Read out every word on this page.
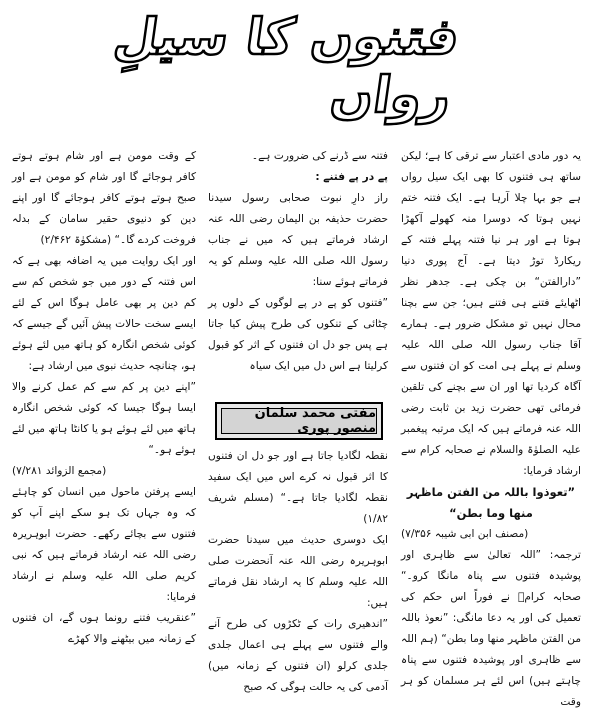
فتنوں کا سیلِ رواں

یہ دور مادی اعتبار سے ترقی کا ہے؛ لیکن ساتھ ہی فتنوں کا بھی ایک سیل رواں ہے جو بہا چلا آرہا ہے۔ ایک فتنہ ختم نہیں ہوتا کہ دوسرا منہ کھولے آکھڑا ہوتا ہے اور ہر نیا فتنہ پہلے فتنہ کے ریکارڈ توڑ دیتا ہے۔ آج پوری دنیا ”دارالفتن“ بن چکی ہے۔ جدھر نظر اٹھایئے فتنے ہی فتنے ہیں؛ جن سے بچنا محال نہیں تو مشکل ضرور ہے۔ ہمارے آقا جناب رسول اللہ صلی اللہ علیہ وسلم نے پہلے ہی امت کو ان فتنوں سے آگاہ کردیا تھا اور ان سے بچنے کی تلقین فرمائی تھی حضرت زید بن ثابت رضی اللہ عنہ فرماتے ہیں کہ ایک مرتبہ پیغمبر علیہ الصلوٰۃ والسلام نے صحابہ کرام سے ارشاد فرمایا:

”تعوذوا باللہ من الفتن ماظہر منھا وما بطن“

(مصنف ابن ابی شیبہ ۷/۳۵۶)

ترجمہ: ”اللہ تعالیٰ سے ظاہری اور پوشیدہ فتنوں سے پناہ مانگا کرو۔“ صحابہ کرامؓ نے فوراً اس حکم کی تعمیل کی اور یہ دعا مانگی: ”نعوذ باللہ من الفتن ماظہر منھا وما بطن“ (ہم اللہ سے ظاہری اور پوشیدہ فتنوں سے پناہ چاہتے ہیں) اس لئے ہر مسلمان کو ہر وقت

فتنہ سے ڈرنے کی ضرورت ہے۔

پے در پے فتنے :

راز دارِ نبوت صحابی رسول سیدنا حضرت حذیفہ بن الیمان رضی اللہ عنہ ارشاد فرماتے ہیں کہ میں نے جناب رسول اللہ صلی اللہ علیہ وسلم کو یہ فرماتے ہوئے سنا:

”فتنوں کو پے در پے لوگوں کے دلوں پر چٹائی کے تنکوں کی طرح پیش کیا جاتا ہے پس جو دل ان فتنوں کے اثر کو قبول کرلیتا ہے اس دل میں ایک سیاہ

مفتی محمد سلمان منصور پوری

نقطہ لگادیا جاتا ہے اور جو دل ان فتنوں کا اثر قبول نہ کرے اس میں ایک سفید نقطہ لگادیا جاتا ہے۔“ (مسلم شریف ۱/۸۲)

ایک دوسری حدیث میں سیدنا حضرت ابوہریرہ رضی اللہ عنہ آنحضرت صلی اللہ علیہ وسلم کا یہ ارشاد نقل فرماتے ہیں:

”اندھیری رات کے ٹکڑوں کی طرح آنے والے فتنوں سے پہلے ہی اعمال جلدی جلدی کرلو (ان فتنوں کے زمانہ میں) آدمی کی یہ حالت ہوگی کہ صبح

کے وقت مومن ہے اور شام ہوتے ہوتے کافر ہوجائے گا اور شام کو مومن ہے اور صبح ہوتے ہوتے کافر ہوجائے گا اور اپنے دین کو دنیوی حقیر سامان کے بدلہ فروخت کردے گا۔“ (مشکوٰۃ ۲/۴۶۲)

اور ایک روایت میں یہ اضافہ بھی ہے کہ اس فتنہ کے دور میں جو شخص کم سے کم دین پر بھی عامل ہوگا اس کے لئے ایسے سخت حالات پیش آئیں گے جیسے کہ کوئی شخص انگارہ کو ہاتھ میں لئے ہوئے ہو، چنانچہ حدیث نبوی میں ارشاد ہے:

”اپنے دین پر کم سے کم عمل کرنے والا ایسا ہوگا جیسا کہ کوئی شخص انگارہ ہاتھ میں لئے ہوئے ہو یا کانٹا ہاتھ میں لئے ہوئے ہو۔“

(مجمع الزوائد ۷/۲۸۱)

ایسے پرفتن ماحول میں انسان کو چاہئے کہ وہ جہاں تک ہو سکے اپنے آپ کو فتنوں سے بچائے رکھے۔ حضرت ابوہریرہ رضی اللہ عنہ ارشاد فرماتے ہیں کہ نبی کریم صلی اللہ علیہ وسلم نے ارشاد فرمایا:

”عنقریب فتنے رونما ہوں گے، ان فتنوں کے زمانہ میں بیٹھنے والا کھڑے
